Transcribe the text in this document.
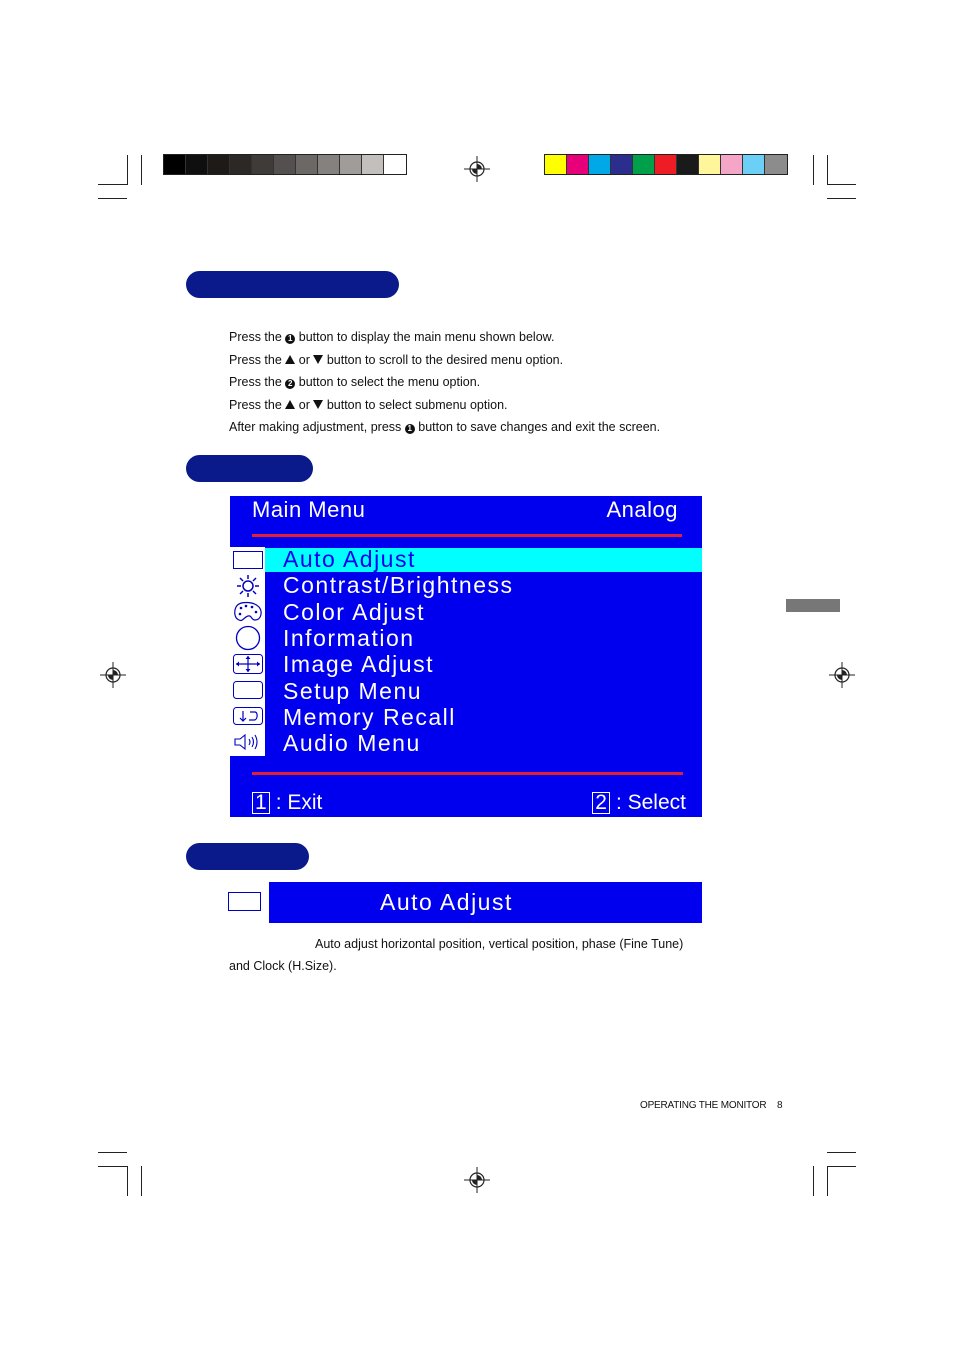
Press the 1 button to display the main menu shown below.
Press the  or  button to scroll to the desired menu option.
Press the 2 button to select the menu option.
Press the  or  button to select submenu option.
After making adjustment, press 1 button to save changes and exit the screen.
Main Menu	Analog
Auto Adjust
Contrast/Brightness
Color Adjust
Information
Image Adjust
Setup Menu
Memory Recall
Audio Menu
1 : Exit	2 : Select
Auto Adjust
Auto adjust horizontal position, vertical position, phase (Fine Tune)
and Clock (H.Size).
OPERATING THE MONITOR 8
